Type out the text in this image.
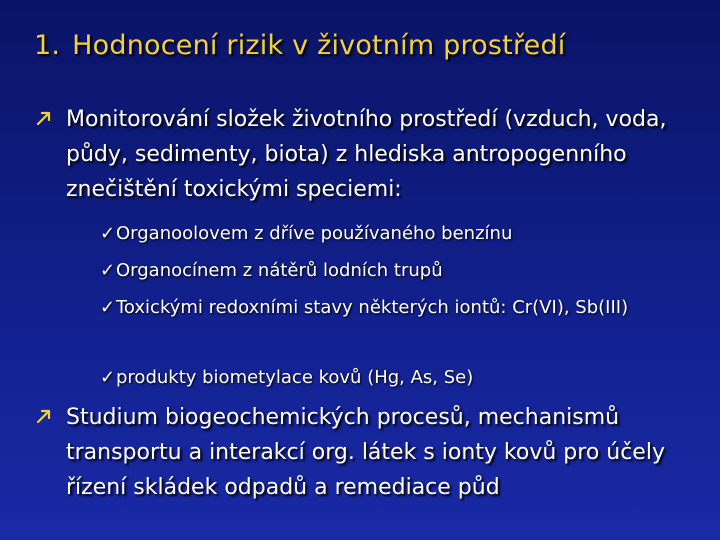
1. Hodnocení rizik v životním prostředí
Monitorování složek životního prostředí (vzduch, voda, půdy, sedimenty, biota) z hlediska antropogenního znečištění toxickými speciemi:
✓ Organoolovem z dříve používaného benzínu
✓ Organocínem z nátěrů lodních trupů
✓ Toxickými redoxními stavy některých iontů: Cr(VI), Sb(III)
✓ produkty biometylace kovů (Hg, As, Se)
Studium biogeochemických procesů, mechanismů transportu a interakcí org. látek s ionty kovů pro účely řízení skládek odpadů a remediace půd
